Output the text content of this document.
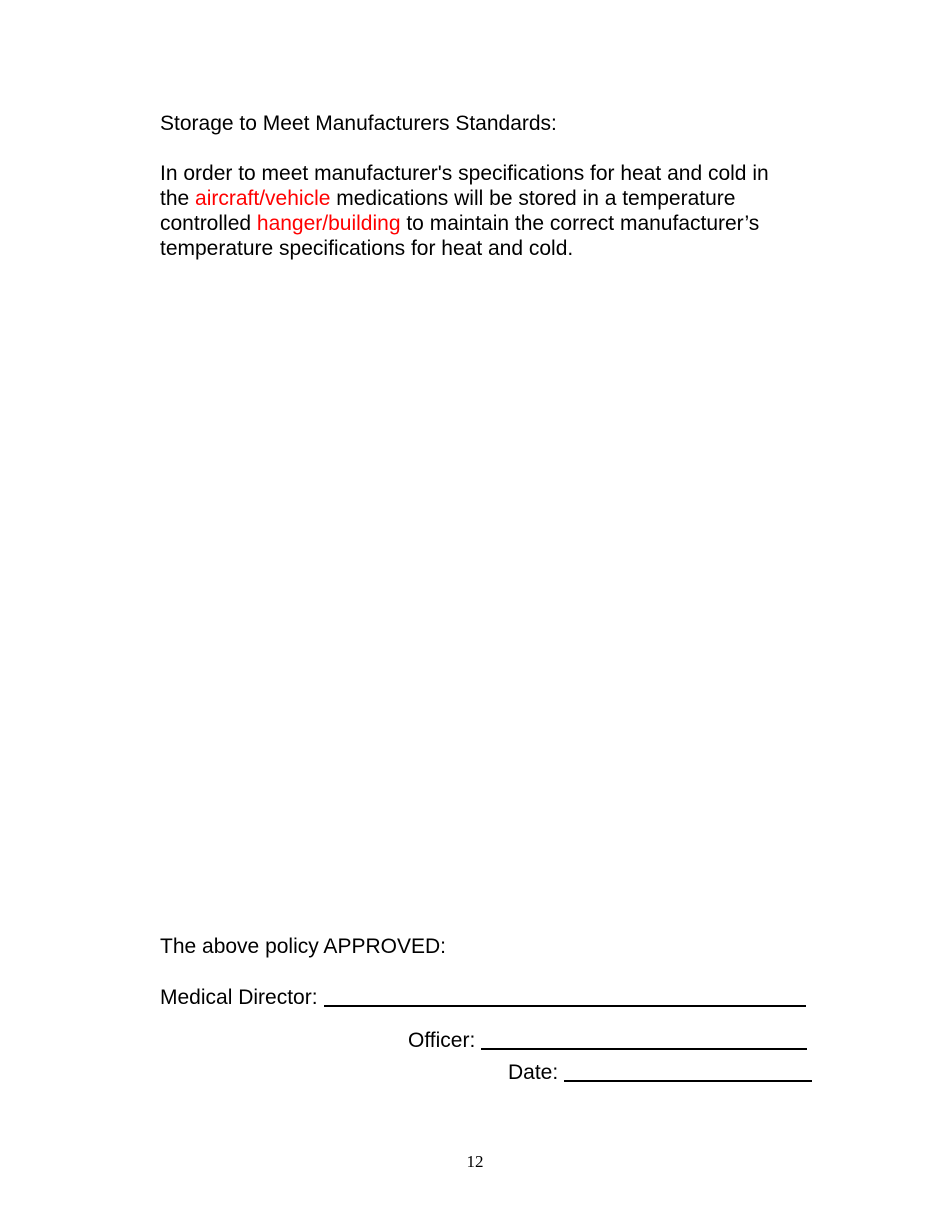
Storage to Meet Manufacturers Standards:
In order to meet manufacturer's specifications for heat and cold in
the aircraft/vehicle medications will be stored in a temperature
controlled hanger/building to maintain the correct manufacturer’s
temperature specifications for heat and cold.
The above policy APPROVED:
Medical Director:
Officer:
Date:
12
